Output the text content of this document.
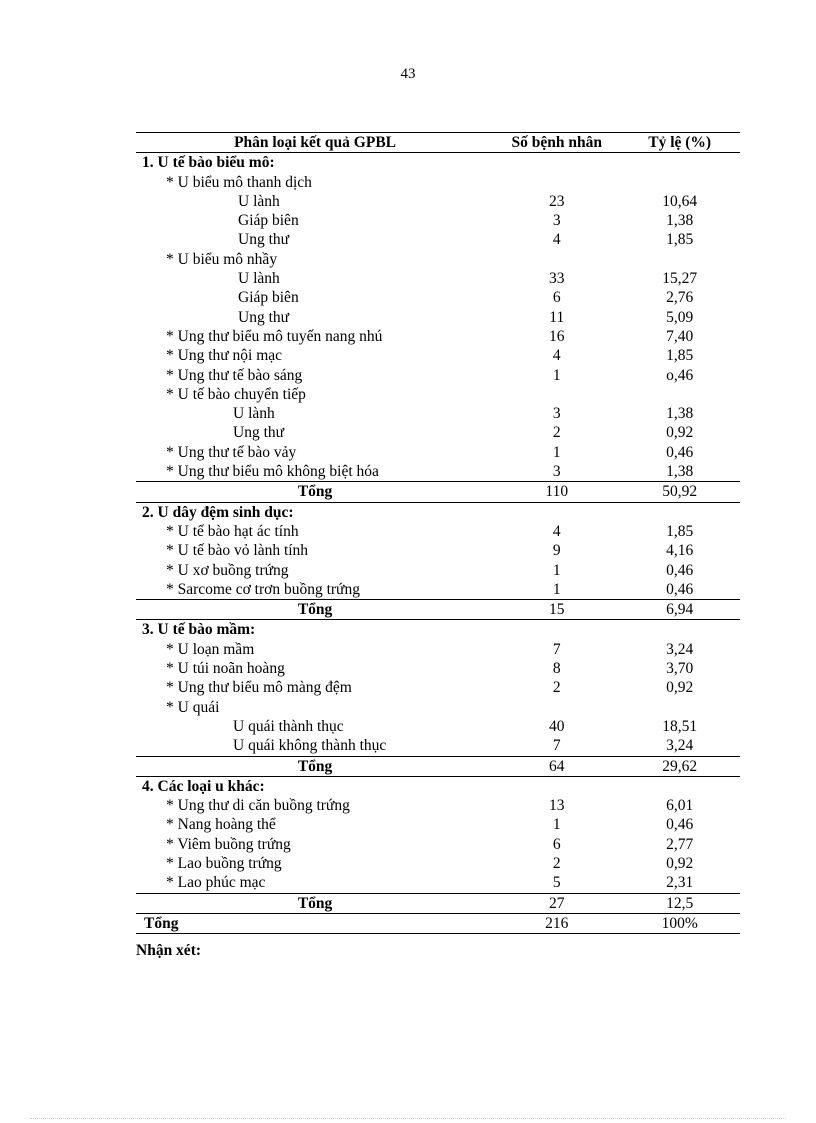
43
Phân loại kết quả GPBL	Số bệnh nhân	Tỷ lệ (%)
1. U tế bào biểu mô:		
* U biểu mô thanh dịch		
U lành	23	10,64
Giáp biên	3	1,38
Ung thư	4	1,85
* U biểu mô nhầy		
U lành	33	15,27
Giáp biên	6	2,76
Ung thư	11	5,09
* Ung thư biểu mô tuyến nang nhú	16	7,40
* Ung thư nội mạc	4	1,85
* Ung thư tế bào sáng	1	o,46
* U tế bào chuyển tiếp		
U lành	3	1,38
Ung thư	2	0,92
* Ung thư tế bào vảy	1	0,46
* Ung thư biểu mô không biệt hóa	3	1,38
Tổng	110	50,92
2. U dây đệm sinh dục:		
* U tế bào hạt ác tính	4	1,85
* U tế bào vỏ lành tính	9	4,16
* U xơ buồng trứng	1	0,46
* Sarcome cơ trơn buồng trứng	1	0,46
Tổng	15	6,94
3. U tế bào mầm:		
* U loạn mầm	7	3,24
* U túi noãn hoàng	8	3,70
* Ung thư biểu mô màng đệm	2	0,92
* U quái		
U quái thành thục	40	18,51
U quái không thành thục	7	3,24
Tổng	64	29,62
4. Các loại u khác:		
* Ung thư di căn buồng trứng	13	6,01
* Nang hoàng thể	1	0,46
* Viêm buồng trứng	6	2,77
* Lao buồng trứng	2	0,92
* Lao phúc mạc	5	2,31
Tổng	27	12,5
Tổng	216	100%
Nhận xét:
